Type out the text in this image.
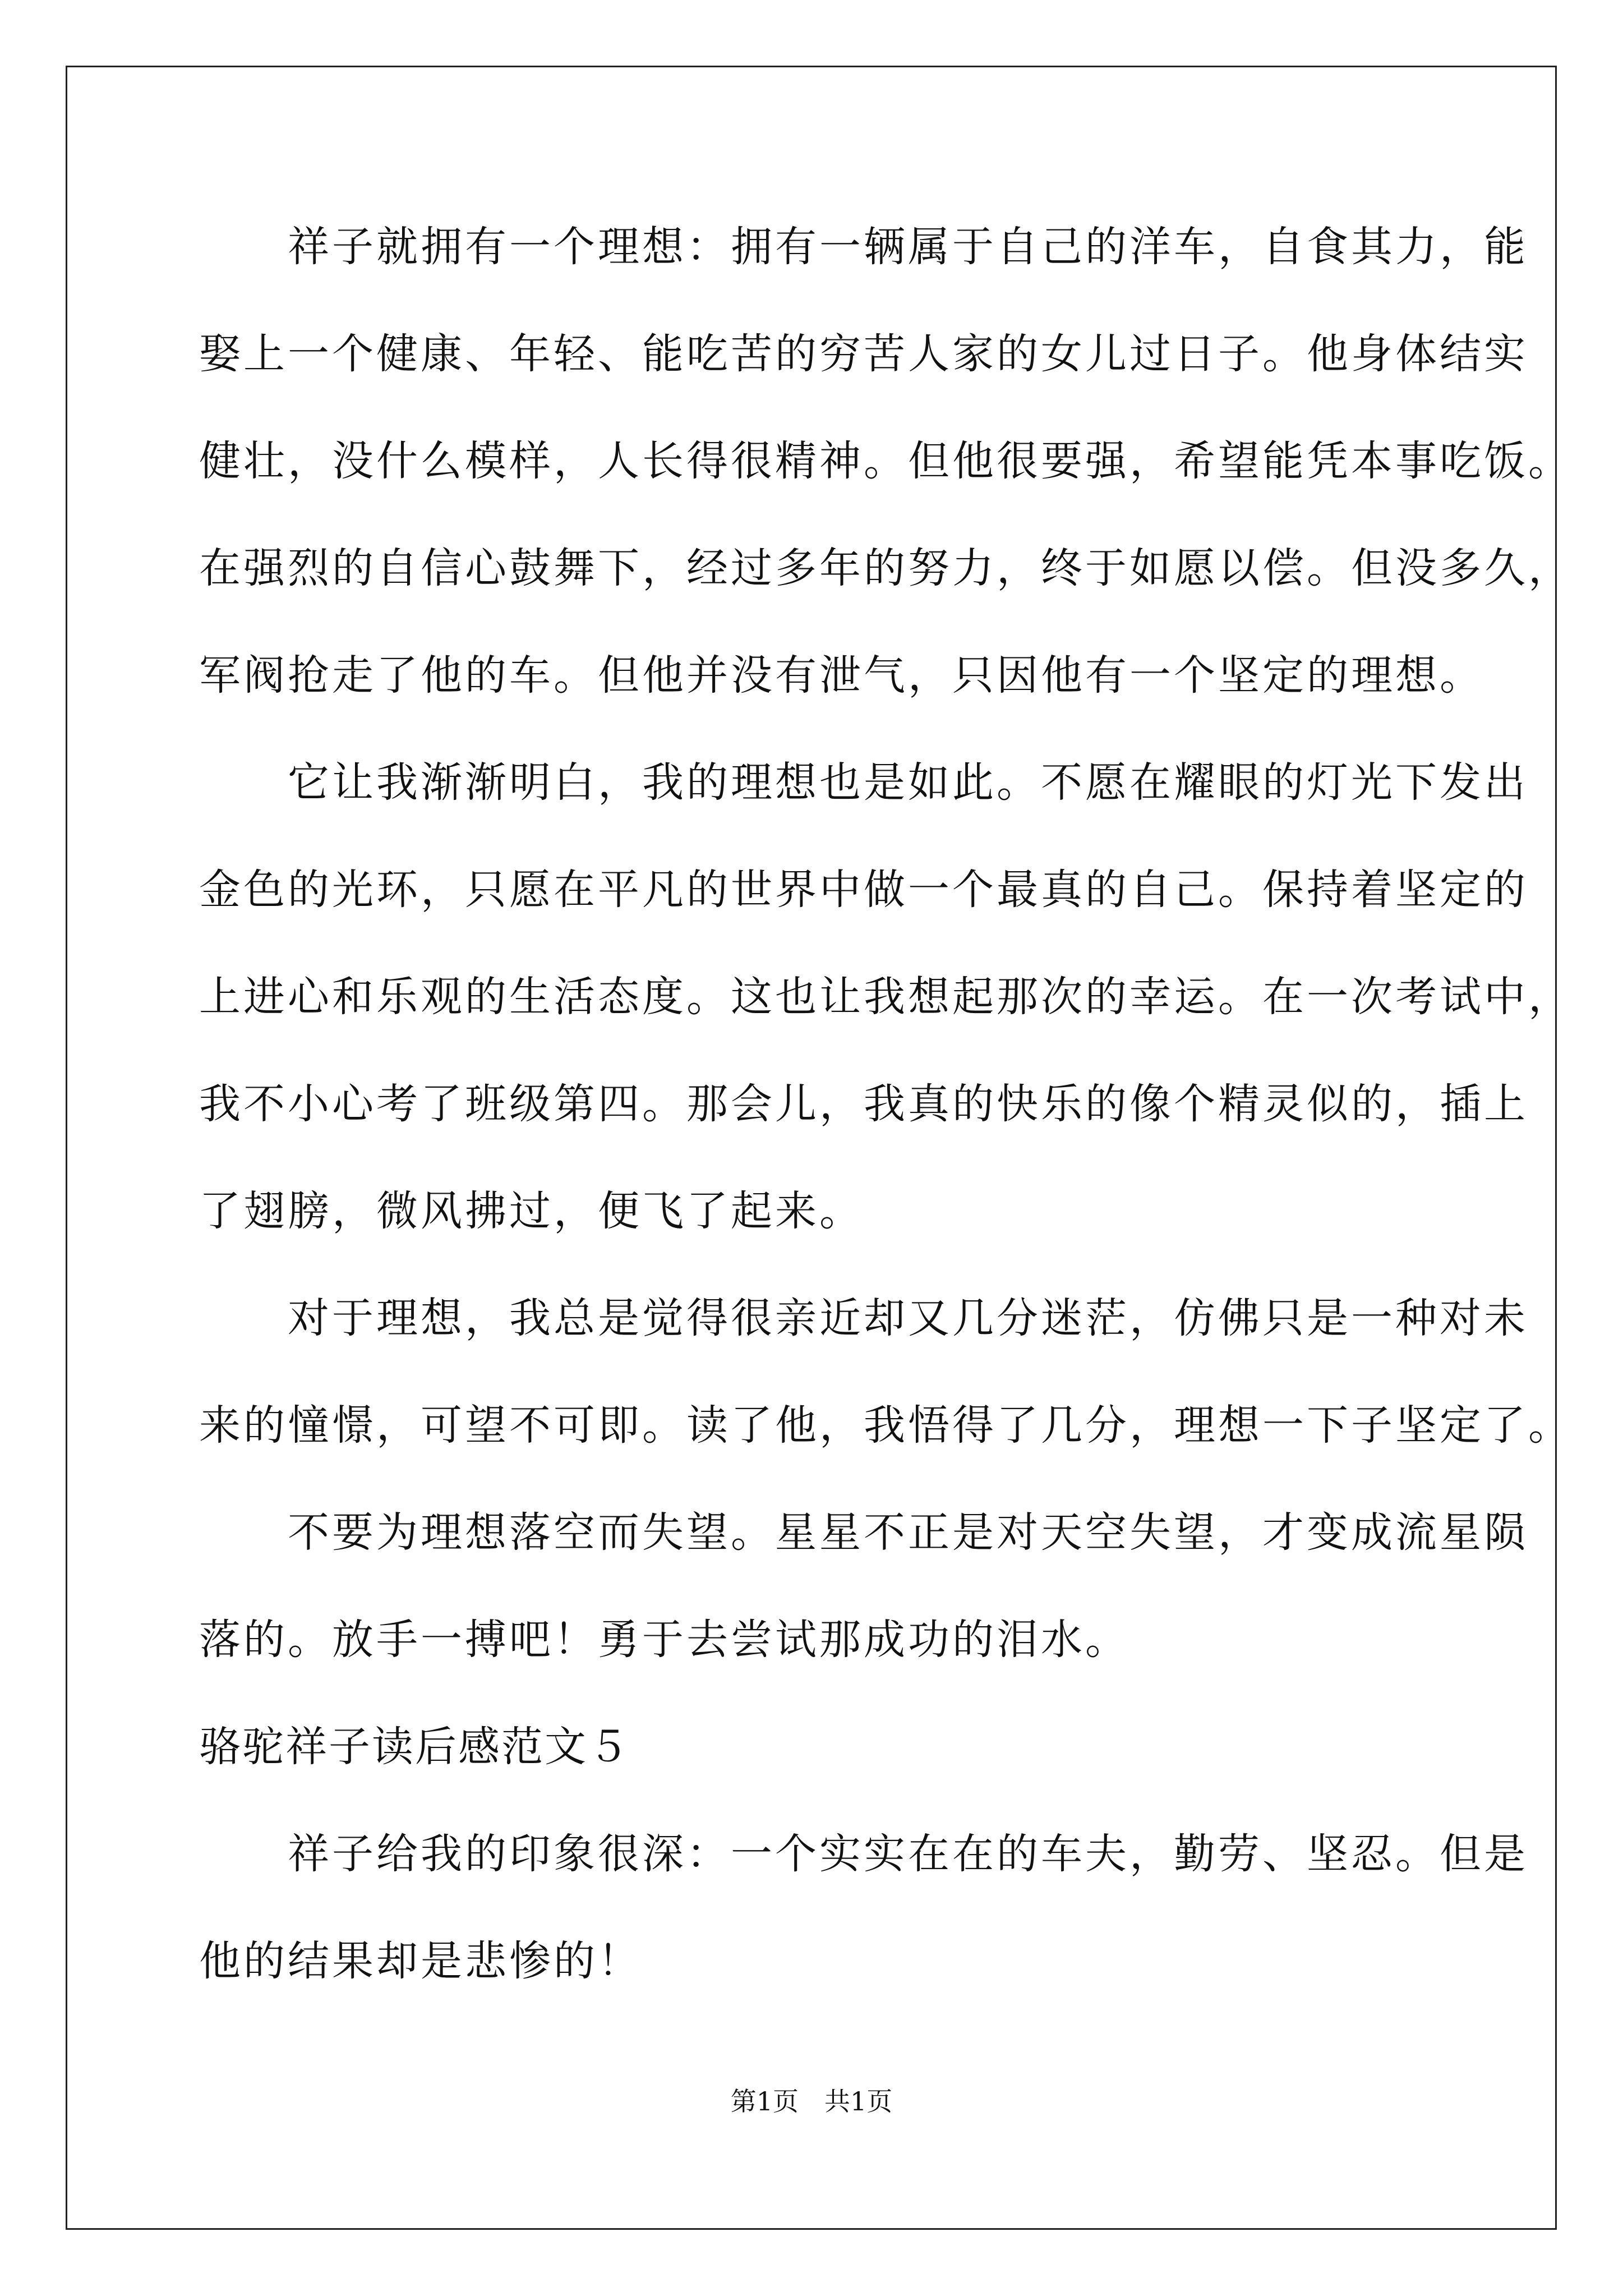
　　祥子就拥有一个理想：拥有一辆属于自己的洋车，自食其力，能
娶上一个健康、年轻、能吃苦的穷苦人家的女儿过日子。他身体结实
健壮，没什么模样，人长得很精神。但他很要强，希望能凭本事吃饭。
在强烈的自信心鼓舞下，经过多年的努力，终于如愿以偿。但没多久，
军阀抢走了他的车。但他并没有泄气，只因他有一个坚定的理想。
　　它让我渐渐明白，我的理想也是如此。不愿在耀眼的灯光下发出
金色的光环，只愿在平凡的世界中做一个最真的自己。保持着坚定的
上进心和乐观的生活态度。这也让我想起那次的幸运。在一次考试中，
我不小心考了班级第四。那会儿，我真的快乐的像个精灵似的，插上
了翅膀，微风拂过，便飞了起来。
　　对于理想，我总是觉得很亲近却又几分迷茫，仿佛只是一种对未
来的憧憬，可望不可即。读了他，我悟得了几分，理想一下子坚定了。
　　不要为理想落空而失望。星星不正是对天空失望，才变成流星陨
落的。放手一搏吧！勇于去尝试那成功的泪水。
骆驼祥子读后感范文５
　　祥子给我的印象很深：一个实实在在的车夫，勤劳、坚忍。但是
他的结果却是悲惨的！
第1页　共1页
